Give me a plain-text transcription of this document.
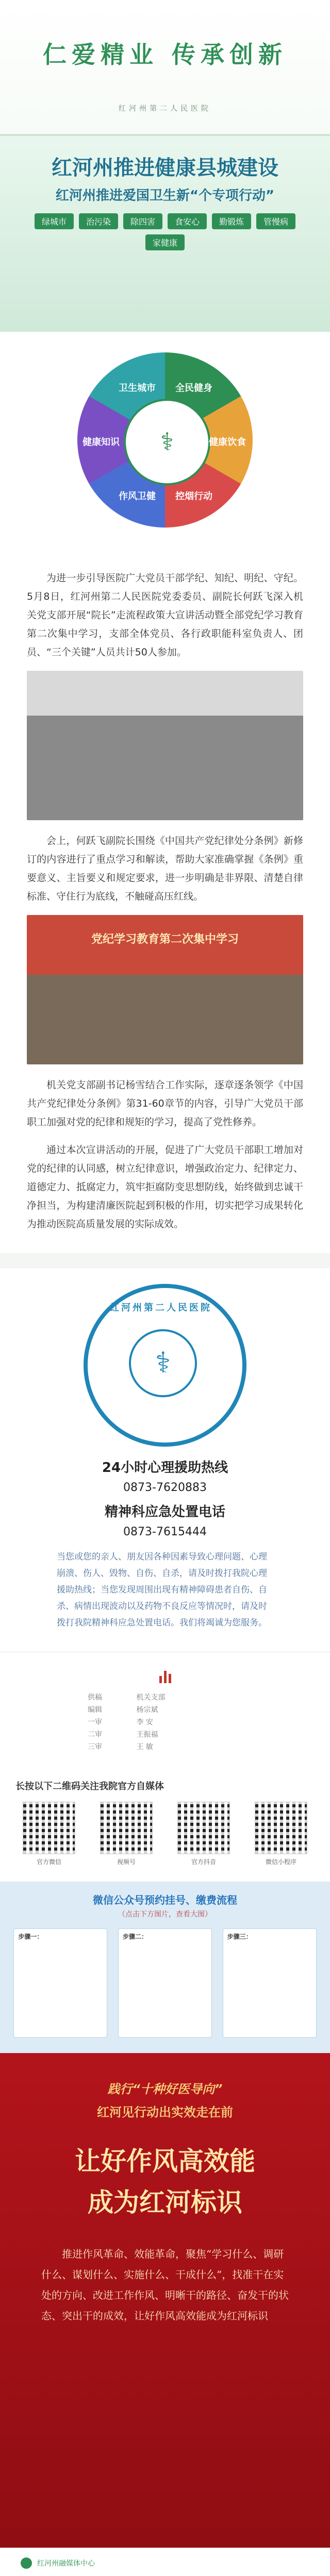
仁爱精业 传承创新
红河州第二人民医院
红河州推进健康县城建设
红河州推进爱国卫生新“个专项行动”
绿城市	治污染	除四害	食安心	勤锻炼	管慢病
家健康
⚕
卫生城市 全民健身
健康饮食
控烟行动
作风卫健
健康知识

为进一步引导医院广大党员干部学纪、知纪、明纪、守纪。5月8日，红河州第二人民医院党委委员、副院长何跃飞深入机关党支部开展“院长”走流程政策大宣讲活动暨全部党纪学习教育第二次集中学习，支部全体党员、各行政职能科室负责人、团员、“三个关键”人员共计50人参加。

会上，何跃飞副院长围绕《中国共产党纪律处分条例》新修订的内容进行了重点学习和解读，帮助大家准确掌握《条例》重要意义、主旨要义和规定要求，进一步明确是非界限、清楚自律标准、守住行为底线，不触碰高压红线。

党纪学习教育第二次集中学习

机关党支部副书记杨雪结合工作实际，逐章逐条领学《中国共产党纪律处分条例》第31-60章节的内容，引导广大党员干部职工加强对党的纪律和规矩的学习，提高了党性修养。

通过本次宣讲活动的开展，促进了广大党员干部职工增加对党的纪律的认同感，树立纪律意识，增强政治定力、纪律定力、道德定力、抵腐定力，筑牢拒腐防变思想防线，始终做到忠诚干净担当，为构建清廉医院起到积极的作用，切实把学习成果转化为推动医院高质量发展的实际成效。

红河州第二人民医院
⚕
24小时心理援助热线
0873-7620883
精神科应急处置电话
0873-7615444
当您或您的亲人、朋友因各种因素导致心理问题、心理崩溃、伤人、毁物、自伤、自杀，请及时拨打我院心理援助热线；当您发现周围出现有精神障碍患者自伤、自杀、病情出现波动以及药物不良反应等情况时，请及时拨打我院精神科应急处置电话。我们将竭诚为您服务。
供稿	机关支部
编辑	杨宗斌
一审	李 安
二审	王振福
三审	王 敏
长按以下二维码关注我院官方自媒体
官方微信	视频号	官方抖音	微信小程序
微信公众号预约挂号、缴费流程
（点击下方图片，查看大图）
步骤一：	步骤二：	步骤三：
践行“十种好医导向”
红河见行动出实效走在前
让好作风高效能
成为红河标识
推进作风革命、效能革命，聚焦“学习什么、调研什么、谋划什么、实施什么、干成什么”，找准干在实处的方向、改进工作作风、明晰干的路径、奋发干的状态、突出干的成效，让好作风高效能成为红河标识
红河州融媒体中心
